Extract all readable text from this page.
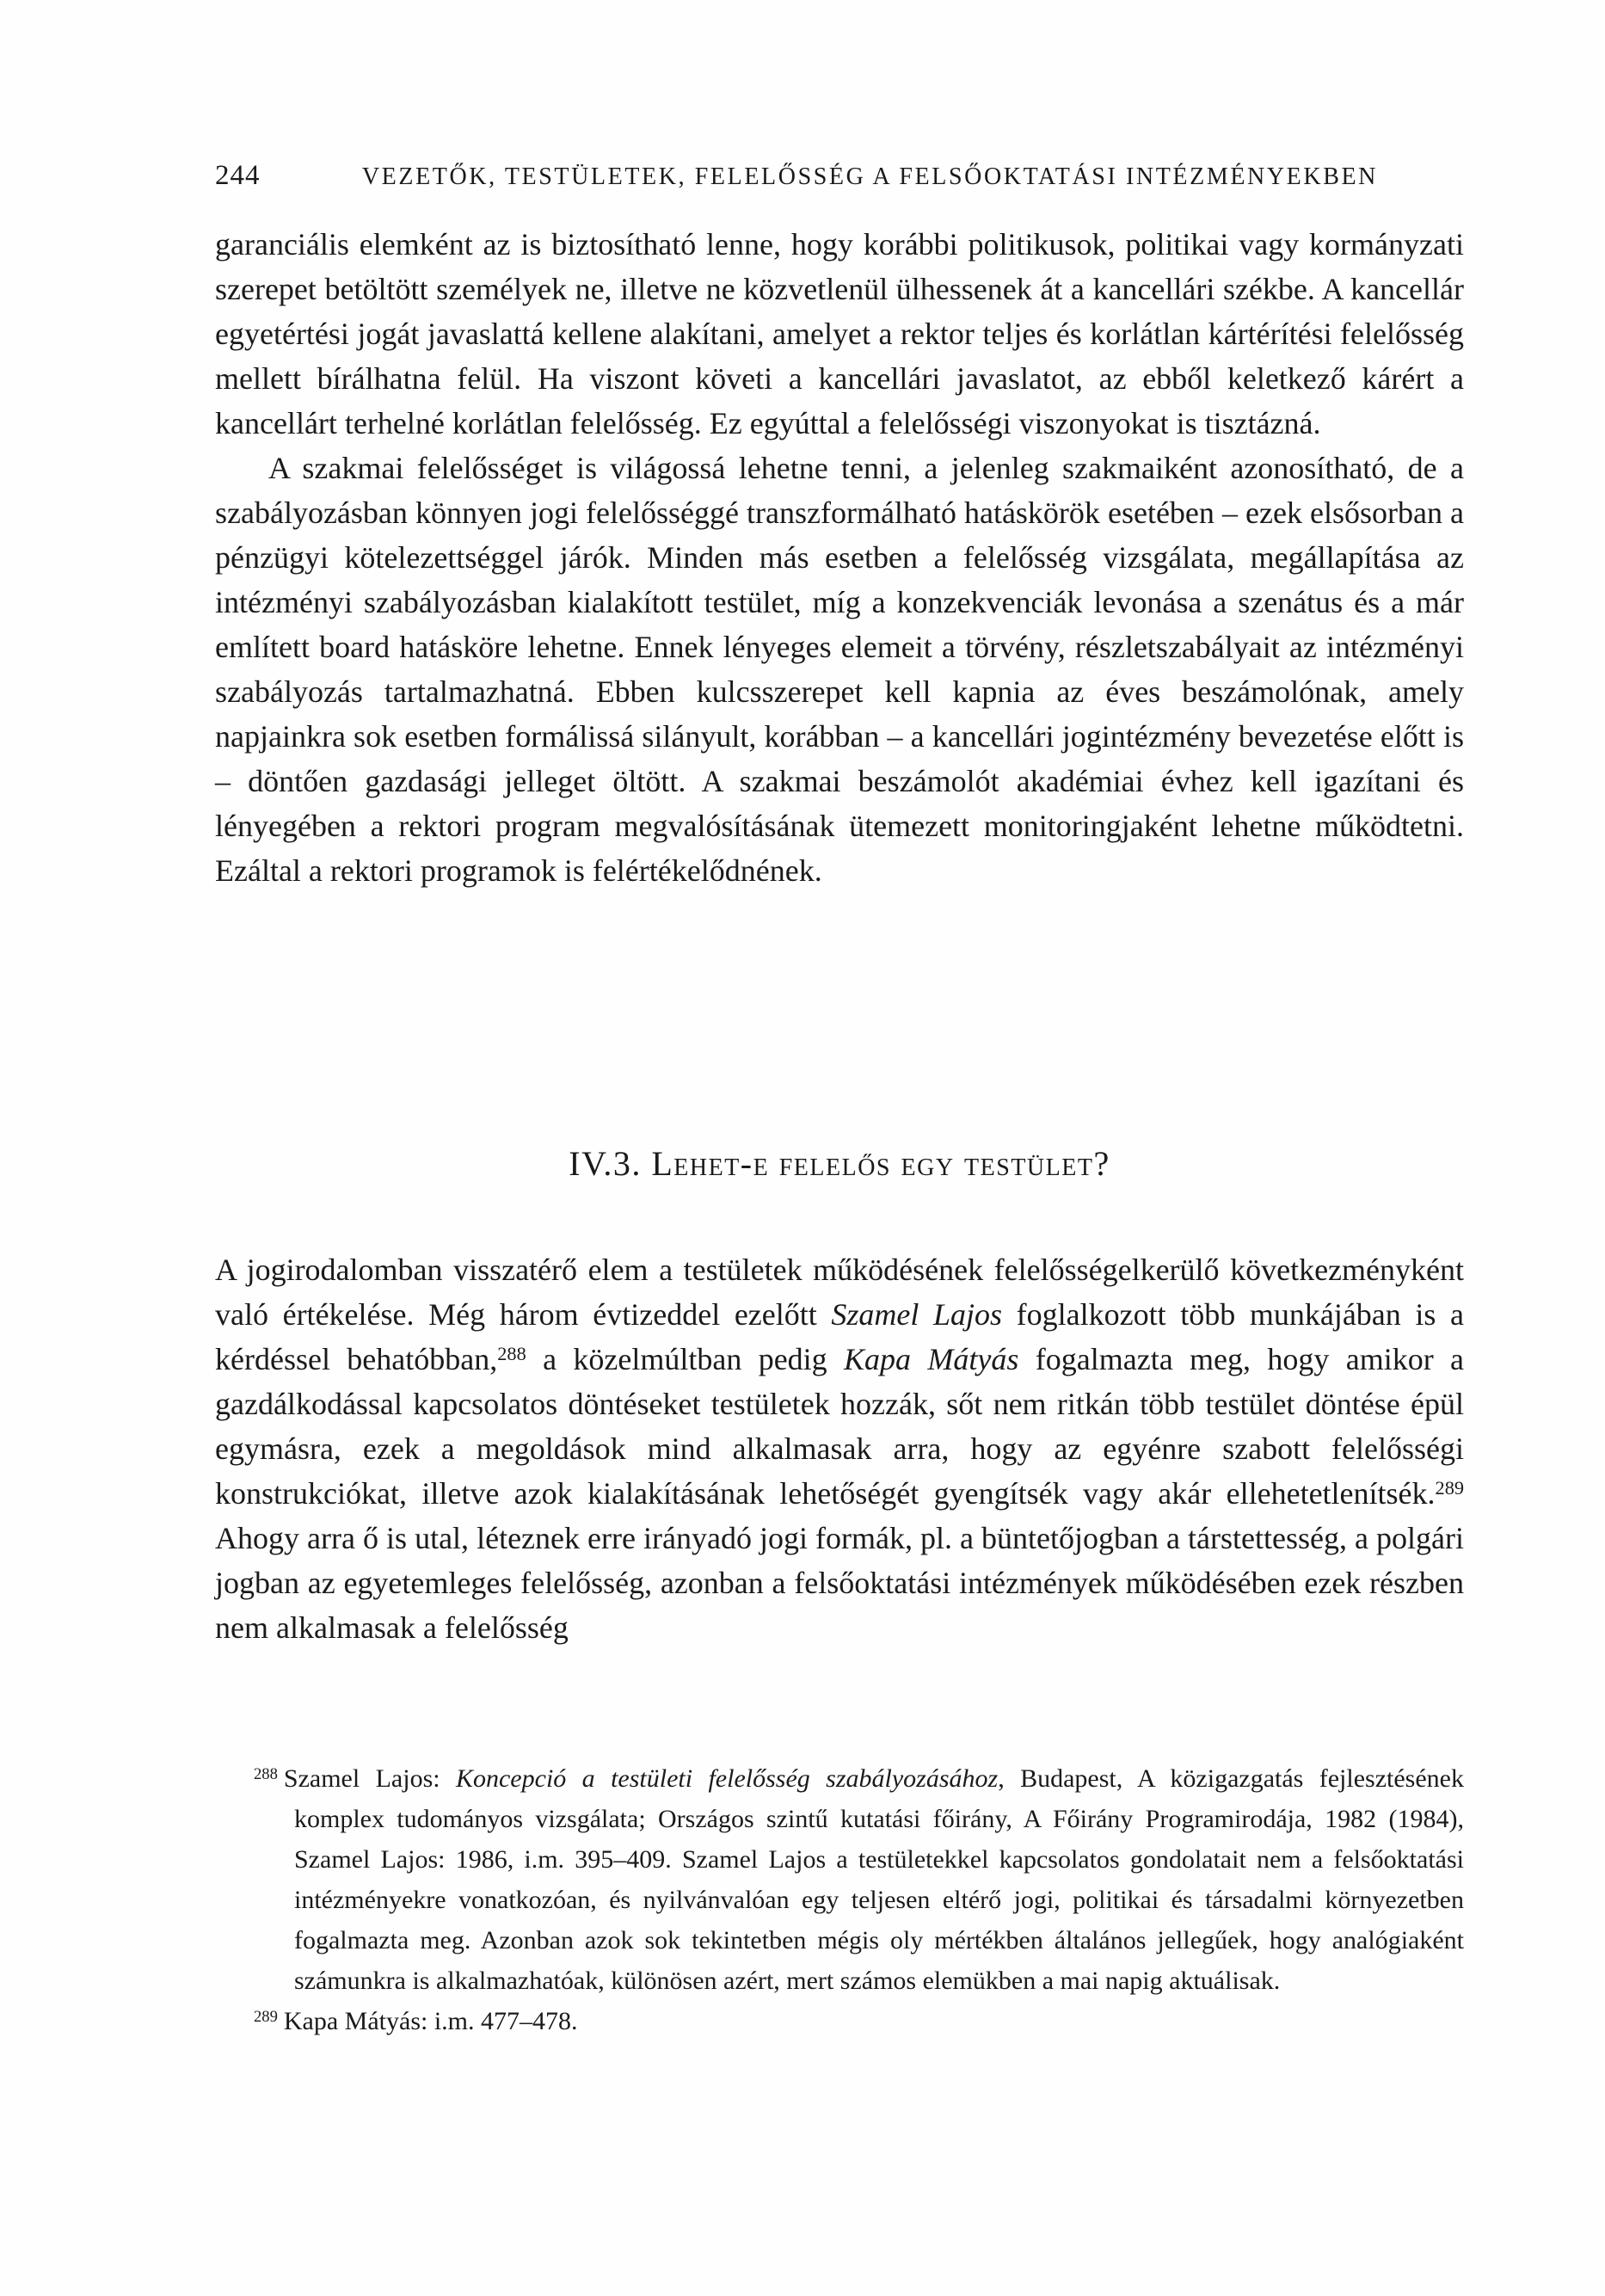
244	VEZETŐK, TESTÜLETEK, FELELŐSSÉG A FELSŐOKTATÁSI INTÉZMÉNYEKBEN

garanciális elemként az is biztosítható lenne, hogy korábbi politikusok, politikai vagy kormányzati szerepet betöltött személyek ne, illetve ne közvetlenül ülhessenek át a kancellári székbe. A kancellár egyetértési jogát javaslattá kellene alakítani, amelyet a rektor teljes és korlátlan kártérítési felelősség mellett bírálhatna felül. Ha viszont követi a kancellári javaslatot, az ebből keletkező kárért a kancellárt terhelné korlátlan felelősség. Ez egyúttal a felelősségi viszonyokat is tisztázná.

A szakmai felelősséget is világossá lehetne tenni, a jelenleg szakmaiként azonosítható, de a szabályozásban könnyen jogi felelősséggé transzformálható hatáskörök esetében – ezek elsősorban a pénzügyi kötelezettséggel járók. Minden más esetben a felelősség vizsgálata, megállapítása az intézményi szabályozásban kialakított testület, míg a konzekvenciák levonása a szenátus és a már említett board hatásköre lehetne. Ennek lényeges elemeit a törvény, részletszabályait az intézményi szabályozás tartalmazhatná. Ebben kulcsszerepet kell kapnia az éves beszámolónak, amely napjainkra sok esetben formálissá silányult, korábban – a kancellári jogintézmény bevezetése előtt is – döntően gazdasági jelleget öltött. A szakmai beszámolót akadémiai évhez kell igazítani és lényegében a rektori program megvalósításának ütemezett monitoringjaként lehetne működtetni. Ezáltal a rektori programok is felértékelődnének.

IV.3. Lehet-e felelős egy testület?

A jogirodalomban visszatérő elem a testületek működésének felelősségelkerülő következményként való értékelése. Még három évtizeddel ezelőtt Szamel Lajos foglalkozott több munkájában is a kérdéssel behatóbban,$^{288}$ a közelmúltban pedig Kapa Mátyás fogalmazta meg, hogy amikor a gazdálkodással kapcsolatos döntéseket testületek hozzák, sőt nem ritkán több testület döntése épül egymásra, ezek a megoldások mind alkalmasak arra, hogy az egyénre szabott felelősségi konstrukciókat, illetve azok kialakításának lehetőségét gyengítsék vagy akár ellehetetlenítsék.$^{289}$ Ahogy arra ő is utal, léteznek erre irányadó jogi formák, pl. a büntetőjogban a társtettesség, a polgári jogban az egyetemleges felelősség, azonban a felsőoktatási intézmények működésében ezek részben nem alkalmasak a felelősség

$^{288}$ Szamel Lajos: Koncepció a testületi felelősség szabályozásához, Budapest, A közigazgatás fejlesztésének komplex tudományos vizsgálata; Országos szintű kutatási főirány, A Főirány Programirodája, 1982 (1984), Szamel Lajos: 1986, i.m. 395–409. Szamel Lajos a testületekkel kapcsolatos gondolatait nem a felsőoktatási intézményekre vonatkozóan, és nyilvánvalóan egy teljesen eltérő jogi, politikai és társadalmi környezetben fogalmazta meg. Azonban azok sok tekintetben mégis oly mértékben általános jellegűek, hogy analógiaként számunkra is alkalmazhatóak, különösen azért, mert számos elemükben a mai napig aktuálisak.
$^{289}$ Kapa Mátyás: i.m. 477–478.
